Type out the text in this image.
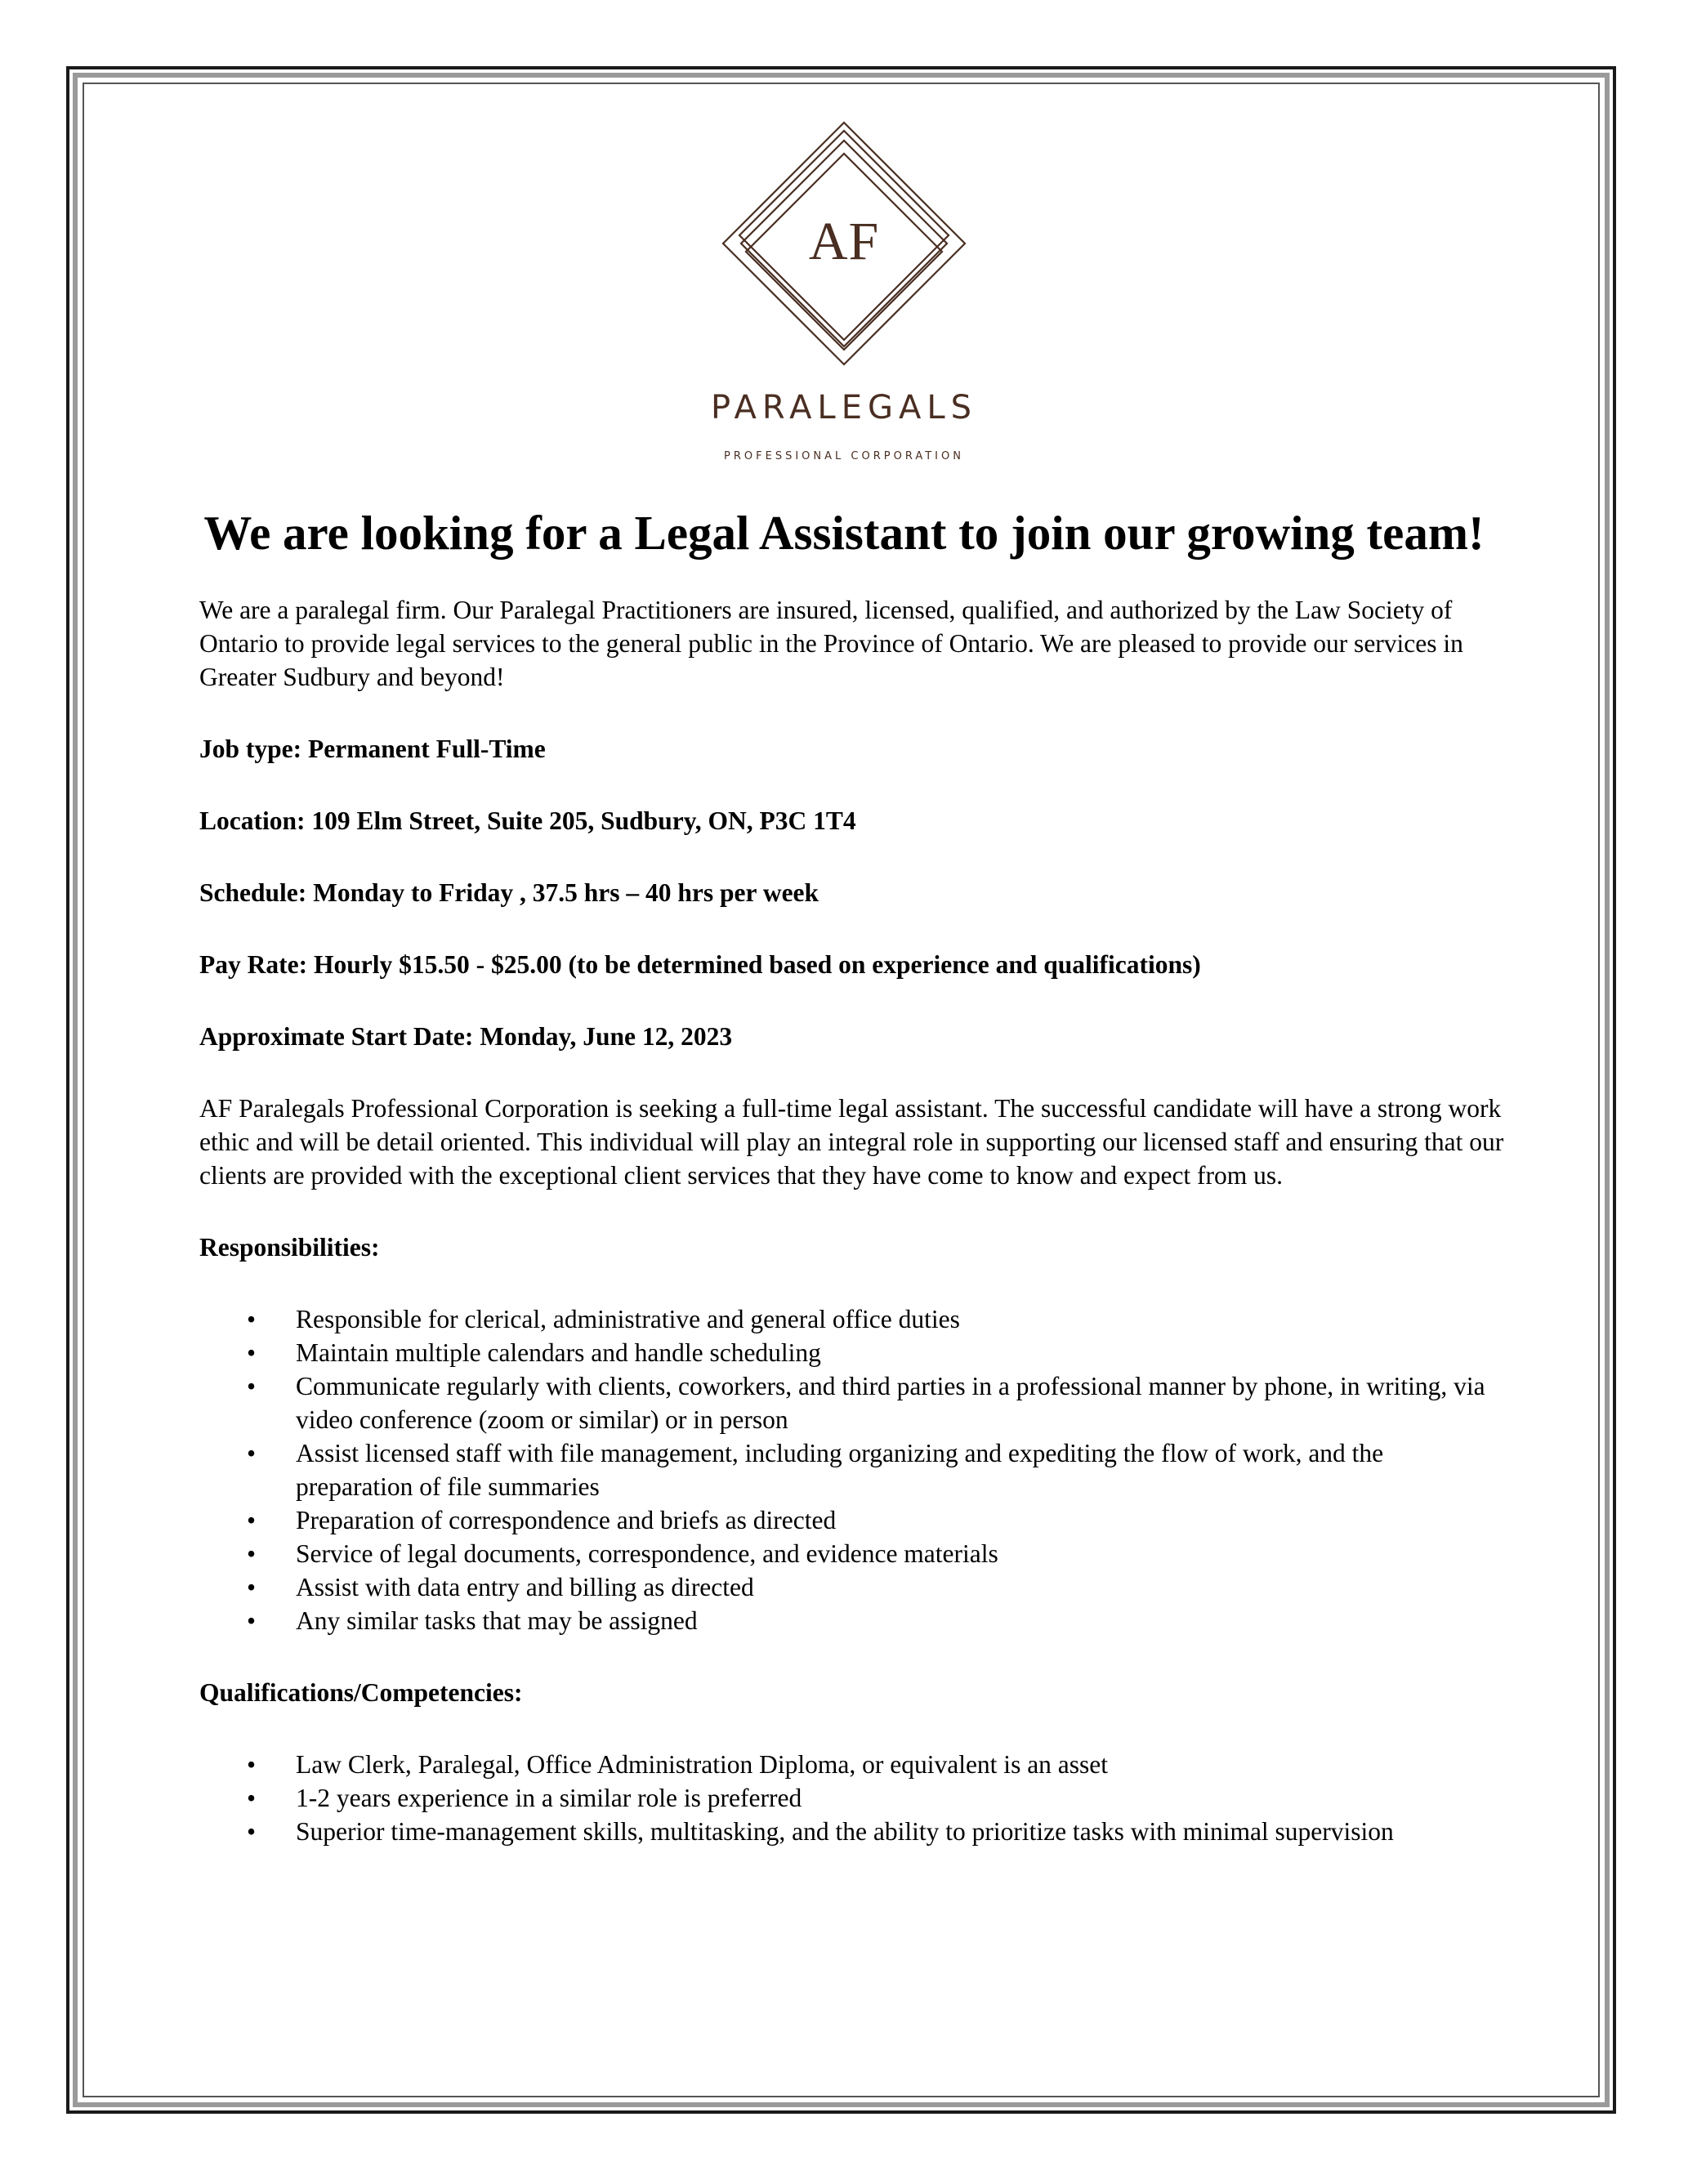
AF
PARALEGALS
PROFESSIONAL CORPORATION
We are looking for a Legal Assistant to join our growing team!

We are a paralegal firm. Our Paralegal Practitioners are insured, licensed, qualified, and authorized by the Law Society of Ontario to provide legal services to the general public in the Province of Ontario. We are pleased to provide our services in Greater Sudbury and beyond!

Job type: Permanent Full-Time

Location: 109 Elm Street, Suite 205, Sudbury, ON, P3C 1T4

Schedule: Monday to Friday , 37.5 hrs – 40 hrs per week

Pay Rate: Hourly $15.50 - $25.00 (to be determined based on experience and qualifications)

Approximate Start Date: Monday, June 12, 2023

AF Paralegals Professional Corporation is seeking a full-time legal assistant. The successful candidate will have a strong work ethic and will be detail oriented. This individual will play an integral role in supporting our licensed staff and ensuring that our clients are provided with the exceptional client services that they have come to know and expect from us.

Responsibilities:

• Responsible for clerical, administrative and general office duties
• Maintain multiple calendars and handle scheduling
• Communicate regularly with clients, coworkers, and third parties in a professional manner by phone, in writing, via video conference (zoom or similar) or in person
• Assist licensed staff with file management, including organizing and expediting the flow of work, and the preparation of file summaries
• Preparation of correspondence and briefs as directed
• Service of legal documents, correspondence, and evidence materials
• Assist with data entry and billing as directed
• Any similar tasks that may be assigned

Qualifications/Competencies:

• Law Clerk, Paralegal, Office Administration Diploma, or equivalent is an asset
• 1-2 years experience in a similar role is preferred
• Superior time-management skills, multitasking, and the ability to prioritize tasks with minimal supervision
